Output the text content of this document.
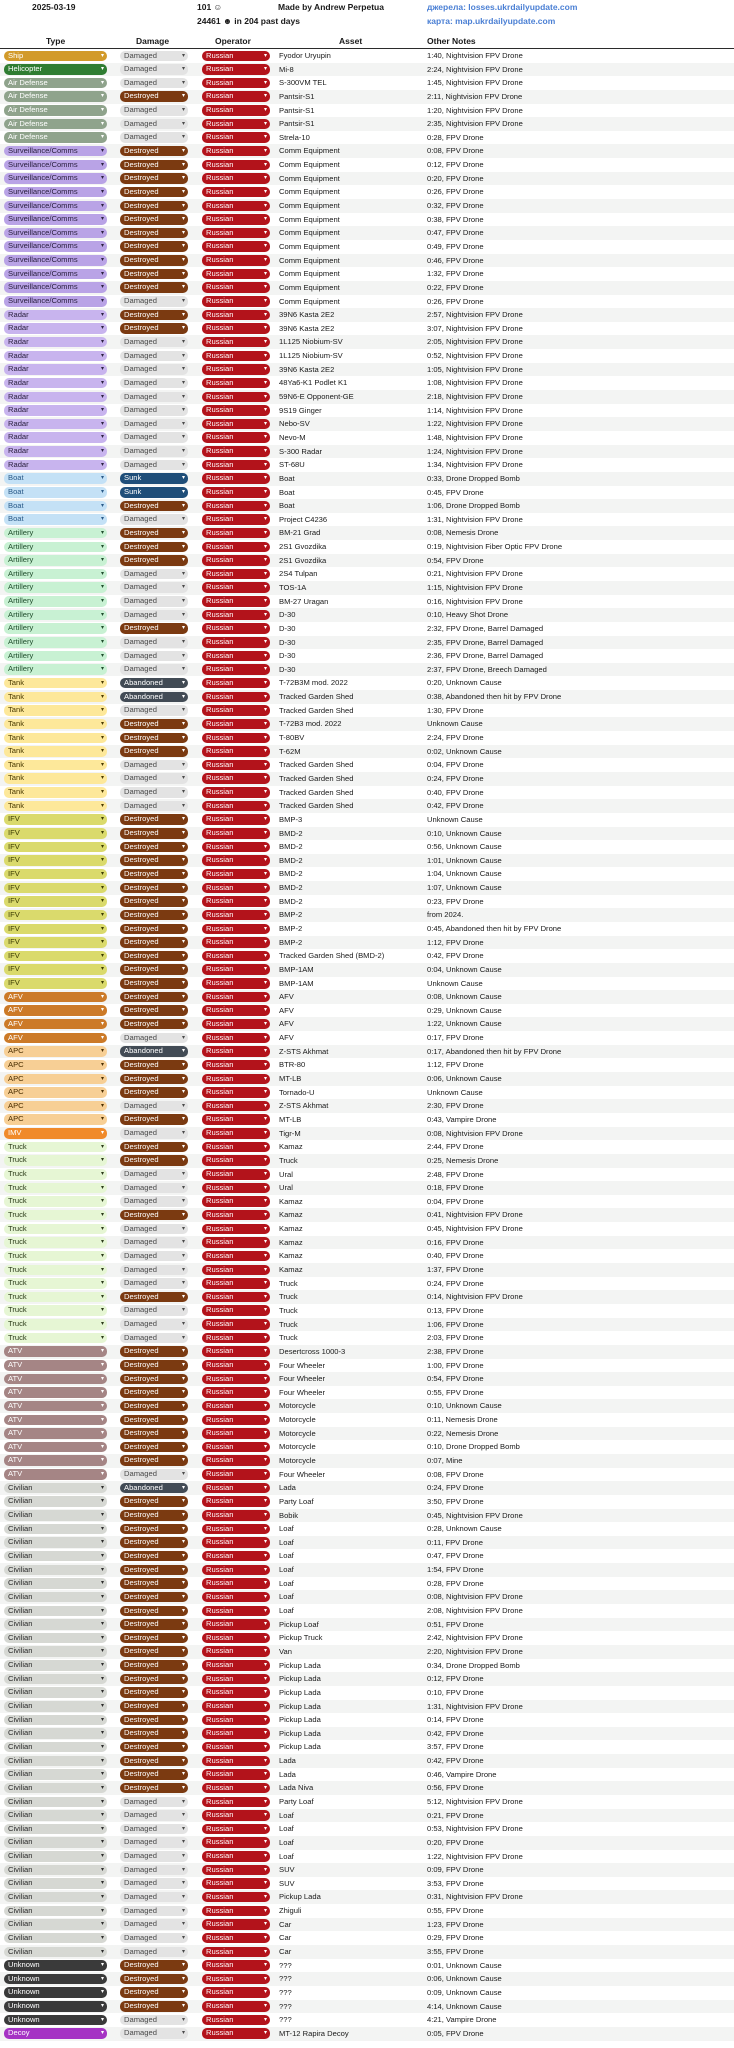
2025-03-19	101 ☺
24461 ☻ in 204 past days
Made by Andrew Perpetua	джерела: losses.ukrdailyupdate.com
карта: map.ukrdailyupdate.com
Type	Damage	Operator	Asset	Other Notes
Ship	▾	Damaged	▾	Russian	▾ Fyodor Uryupin	1:40, Nightvision FPV Drone
Helicopter	▾	Damaged	▾	Russian	▾ Mi-8	2:24, Nightvision FPV Drone
Air Defense	▾	Damaged	▾	Russian	▾ S-300VM TEL	1:45, Nightvision FPV Drone
Air Defense	▾	Destroyed	▾	Russian	▾ Pantsir-S1	2:11, Nightvision FPV Drone
Air Defense	▾	Damaged	▾	Russian	▾ Pantsir-S1	1:20, Nightvision FPV Drone
Air Defense	▾	Damaged	▾	Russian	▾ Pantsir-S1	2:35, Nightvision FPV Drone
Air Defense	▾	Damaged	▾	Russian	▾ Strela-10	0:28, FPV Drone
Surveillance/Comms	▾	Destroyed	▾	Russian	▾ Comm Equipment	0:08, FPV Drone
Surveillance/Comms	▾	Destroyed	▾	Russian	▾ Comm Equipment	0:12, FPV Drone
Surveillance/Comms	▾	Destroyed	▾	Russian	▾ Comm Equipment	0:20, FPV Drone
Surveillance/Comms	▾	Destroyed	▾	Russian	▾ Comm Equipment	0:26, FPV Drone
Surveillance/Comms	▾	Destroyed	▾	Russian	▾ Comm Equipment	0:32, FPV Drone
Surveillance/Comms	▾	Destroyed	▾	Russian	▾ Comm Equipment	0:38, FPV Drone
Surveillance/Comms	▾	Destroyed	▾	Russian	▾ Comm Equipment	0:47, FPV Drone
Surveillance/Comms	▾	Destroyed	▾	Russian	▾ Comm Equipment	0:49, FPV Drone
Surveillance/Comms	▾	Destroyed	▾	Russian	▾ Comm Equipment	0:46, FPV Drone
Surveillance/Comms	▾	Destroyed	▾	Russian	▾ Comm Equipment	1:32, FPV Drone
Surveillance/Comms	▾	Destroyed	▾	Russian	▾ Comm Equipment	0:22, FPV Drone
Surveillance/Comms	▾	Damaged	▾	Russian	▾ Comm Equipment	0:26, FPV Drone
Radar	▾	Destroyed	▾	Russian	▾ 39N6 Kasta 2E2	2:57, Nightvision FPV Drone
Radar	▾	Destroyed	▾	Russian	▾ 39N6 Kasta 2E2	3:07, Nightvision FPV Drone
Radar	▾	Damaged	▾	Russian	▾ 1L125 Niobium-SV	2:05, Nightvision FPV Drone
Radar	▾	Damaged	▾	Russian	▾ 1L125 Niobium-SV	0:52, Nightvision FPV Drone
Radar	▾	Damaged	▾	Russian	▾ 39N6 Kasta 2E2	1:05, Nightvision FPV Drone
Radar	▾	Damaged	▾	Russian	▾ 48Ya6-K1 Podlet K1	1:08, Nightvision FPV Drone
Radar	▾	Damaged	▾	Russian	▾ 59N6-E Opponent-GE	2:18, Nightvision FPV Drone
Radar	▾	Damaged	▾	Russian	▾ 9S19 Ginger	1:14, Nightvision FPV Drone
Radar	▾	Damaged	▾	Russian	▾ Nebo-SV	1:22, Nightvision FPV Drone
Radar	▾	Damaged	▾	Russian	▾ Nevo-M	1:48, Nightvision FPV Drone
Radar	▾	Damaged	▾	Russian	▾ S-300 Radar	1:24, Nightvision FPV Drone
Radar	▾	Damaged	▾	Russian	▾ ST-68U	1:34, Nightvision FPV Drone
Boat	▾	Sunk	▾	Russian	▾ Boat	0:33, Drone Dropped Bomb
Boat	▾	Sunk	▾	Russian	▾ Boat	0:45, FPV Drone
Boat	▾	Destroyed	▾	Russian	▾ Boat	1:06, Drone Dropped Bomb
Boat	▾	Damaged	▾	Russian	▾ Project C4236	1:31, Nightvision FPV Drone
Artillery	▾	Destroyed	▾	Russian	▾ BM-21 Grad	0:08, Nemesis Drone
Artillery	▾	Destroyed	▾	Russian	▾ 2S1 Gvozdika	0:19, Nightvision Fiber Optic FPV Drone
Artillery	▾	Destroyed	▾	Russian	▾ 2S1 Gvozdika	0:54, FPV Drone
Artillery	▾	Damaged	▾	Russian	▾ 2S4 Tulpan	0:21, Nightvision FPV Drone
Artillery	▾	Damaged	▾	Russian	▾ TOS-1A	1:15, Nightvision FPV Drone
Artillery	▾	Damaged	▾	Russian	▾ BM-27 Uragan	0:16, Nightvision FPV Drone
Artillery	▾	Damaged	▾	Russian	▾ D-30	0:10, Heavy Shot Drone
Artillery	▾	Destroyed	▾	Russian	▾ D-30	2:32, FPV Drone, Barrel Damaged
Artillery	▾	Damaged	▾	Russian	▾ D-30	2:35, FPV Drone, Barrel Damaged
Artillery	▾	Damaged	▾	Russian	▾ D-30	2:36, FPV Drone, Barrel Damaged
Artillery	▾	Damaged	▾	Russian	▾ D-30	2:37, FPV Drone, Breech Damaged
Tank	▾	Abandoned	▾	Russian	▾ T-72B3M mod. 2022	0:20, Unknown Cause
Tank	▾	Abandoned	▾	Russian	▾ Tracked Garden Shed	0:38, Abandoned then hit by FPV Drone
Tank	▾	Damaged	▾	Russian	▾ Tracked Garden Shed	1:30, FPV Drone
Tank	▾	Destroyed	▾	Russian	▾ T-72B3 mod. 2022	Unknown Cause
Tank	▾	Destroyed	▾	Russian	▾ T-80BV	2:24, FPV Drone
Tank	▾	Destroyed	▾	Russian	▾ T-62M	0:02, Unknown Cause
Tank	▾	Damaged	▾	Russian	▾ Tracked Garden Shed	0:04, FPV Drone
Tank	▾	Damaged	▾	Russian	▾ Tracked Garden Shed	0:24, FPV Drone
Tank	▾	Damaged	▾	Russian	▾ Tracked Garden Shed	0:40, FPV Drone
Tank	▾	Damaged	▾	Russian	▾ Tracked Garden Shed	0:42, FPV Drone
IFV	▾	Destroyed	▾	Russian	▾ BMP-3	Unknown Cause
IFV	▾	Destroyed	▾	Russian	▾ BMD-2	0:10, Unknown Cause
IFV	▾	Destroyed	▾	Russian	▾ BMD-2	0:56, Unknown Cause
IFV	▾	Destroyed	▾	Russian	▾ BMD-2	1:01, Unknown Cause
IFV	▾	Destroyed	▾	Russian	▾ BMD-2	1:04, Unknown Cause
IFV	▾	Destroyed	▾	Russian	▾ BMD-2	1:07, Unknown Cause
IFV	▾	Destroyed	▾	Russian	▾ BMD-2	0:23, FPV Drone
IFV	▾	Destroyed	▾	Russian	▾ BMP-2	from 2024.
IFV	▾	Destroyed	▾	Russian	▾ BMP-2	0:45, Abandoned then hit by FPV Drone
IFV	▾	Destroyed	▾	Russian	▾ BMP-2	1:12, FPV Drone
IFV	▾	Destroyed	▾	Russian	▾ Tracked Garden Shed (BMD-2)	0:42, FPV Drone
IFV	▾	Destroyed	▾	Russian	▾ BMP-1AM	0:04, Unknown Cause
IFV	▾	Destroyed	▾	Russian	▾ BMP-1AM	Unknown Cause
AFV	▾	Destroyed	▾	Russian	▾ AFV	0:08, Unknown Cause
AFV	▾	Destroyed	▾	Russian	▾ AFV	0:29, Unknown Cause
AFV	▾	Destroyed	▾	Russian	▾ AFV	1:22, Unknown Cause
AFV	▾	Damaged	▾	Russian	▾ AFV	0:17, FPV Drone
APC	▾	Abandoned	▾	Russian	▾ Z-STS Akhmat	0:17, Abandoned then hit by FPV Drone
APC	▾	Destroyed	▾	Russian	▾ BTR-80	1:12, FPV Drone
APC	▾	Destroyed	▾	Russian	▾ MT-LB	0:06, Unknown Cause
APC	▾	Destroyed	▾	Russian	▾ Tornado-U	Unknown Cause
APC	▾	Damaged	▾	Russian	▾ Z-STS Akhmat	2:30, FPV Drone
APC	▾	Destroyed	▾	Russian	▾ MT-LB	0:43, Vampire Drone
IMV	▾	Damaged	▾	Russian	▾ Tigr-M	0:08, Nightvision FPV Drone
Truck	▾	Destroyed	▾	Russian	▾ Kamaz	2:44, FPV Drone
Truck	▾	Destroyed	▾	Russian	▾ Truck	0:25, Nemesis Drone
Truck	▾	Damaged	▾	Russian	▾ Ural	2:48, FPV Drone
Truck	▾	Damaged	▾	Russian	▾ Ural	0:18, FPV Drone
Truck	▾	Damaged	▾	Russian	▾ Kamaz	0:04, FPV Drone
Truck	▾	Destroyed	▾	Russian	▾ Kamaz	0:41, Nightvision FPV Drone
Truck	▾	Damaged	▾	Russian	▾ Kamaz	0:45, Nightvision FPV Drone
Truck	▾	Damaged	▾	Russian	▾ Kamaz	0:16, FPV Drone
Truck	▾	Damaged	▾	Russian	▾ Kamaz	0:40, FPV Drone
Truck	▾	Damaged	▾	Russian	▾ Kamaz	1:37, FPV Drone
Truck	▾	Damaged	▾	Russian	▾ Truck	0:24, FPV Drone
Truck	▾	Destroyed	▾	Russian	▾ Truck	0:14, Nightvision FPV Drone
Truck	▾	Damaged	▾	Russian	▾ Truck	0:13, FPV Drone
Truck	▾	Damaged	▾	Russian	▾ Truck	1:06, FPV Drone
Truck	▾	Damaged	▾	Russian	▾ Truck	2:03, FPV Drone
ATV	▾	Destroyed	▾	Russian	▾ Desertcross 1000-3	2:38, FPV Drone
ATV	▾	Destroyed	▾	Russian	▾ Four Wheeler	1:00, FPV Drone
ATV	▾	Destroyed	▾	Russian	▾ Four Wheeler	0:54, FPV Drone
ATV	▾	Destroyed	▾	Russian	▾ Four Wheeler	0:55, FPV Drone
ATV	▾	Destroyed	▾	Russian	▾ Motorcycle	0:10, Unknown Cause
ATV	▾	Destroyed	▾	Russian	▾ Motorcycle	0:11, Nemesis Drone
ATV	▾	Destroyed	▾	Russian	▾ Motorcycle	0:22, Nemesis Drone
ATV	▾	Destroyed	▾	Russian	▾ Motorcycle	0:10, Drone Dropped Bomb
ATV	▾	Destroyed	▾	Russian	▾ Motorcycle	0:07, Mine
ATV	▾	Damaged	▾	Russian	▾ Four Wheeler	0:08, FPV Drone
Civilian	▾	Abandoned	▾	Russian	▾ Lada	0:24, FPV Drone
Civilian	▾	Destroyed	▾	Russian	▾ Party Loaf	3:50, FPV Drone
Civilian	▾	Destroyed	▾	Russian	▾ Bobik	0:45, Nightvision FPV Drone
Civilian	▾	Destroyed	▾	Russian	▾ Loaf	0:28, Unknown Cause
Civilian	▾	Destroyed	▾	Russian	▾ Loaf	0:11, FPV Drone
Civilian	▾	Destroyed	▾	Russian	▾ Loaf	0:47, FPV Drone
Civilian	▾	Destroyed	▾	Russian	▾ Loaf	1:54, FPV Drone
Civilian	▾	Destroyed	▾	Russian	▾ Loaf	0:28, FPV Drone
Civilian	▾	Destroyed	▾	Russian	▾ Loaf	0:08, Nightvision FPV Drone
Civilian	▾	Destroyed	▾	Russian	▾ Loaf	2:08, Nightvision FPV Drone
Civilian	▾	Destroyed	▾	Russian	▾ Pickup Loaf	0:51, FPV Drone
Civilian	▾	Destroyed	▾	Russian	▾ Pickup Truck	2:42, Nightvision FPV Drone
Civilian	▾	Destroyed	▾	Russian	▾ Van	2:20, Nightvision FPV Drone
Civilian	▾	Destroyed	▾	Russian	▾ Pickup Lada	0:34, Drone Dropped Bomb
Civilian	▾	Destroyed	▾	Russian	▾ Pickup Lada	0:12, FPV Drone
Civilian	▾	Destroyed	▾	Russian	▾ Pickup Lada	0:10, FPV Drone
Civilian	▾	Destroyed	▾	Russian	▾ Pickup Lada	1:31, Nightvision FPV Drone
Civilian	▾	Destroyed	▾	Russian	▾ Pickup Lada	0:14, FPV Drone
Civilian	▾	Destroyed	▾	Russian	▾ Pickup Lada	0:42, FPV Drone
Civilian	▾	Destroyed	▾	Russian	▾ Pickup Lada	3:57, FPV Drone
Civilian	▾	Destroyed	▾	Russian	▾ Lada	0:42, FPV Drone
Civilian	▾	Destroyed	▾	Russian	▾ Lada	0:46, Vampire Drone
Civilian	▾	Destroyed	▾	Russian	▾ Lada Niva	0:56, FPV Drone
Civilian	▾	Damaged	▾	Russian	▾ Party Loaf	5:12, Nightvision FPV Drone
Civilian	▾	Damaged	▾	Russian	▾ Loaf	0:21, FPV Drone
Civilian	▾	Damaged	▾	Russian	▾ Loaf	0:53, Nightvision FPV Drone
Civilian	▾	Damaged	▾	Russian	▾ Loaf	0:20, FPV Drone
Civilian	▾	Damaged	▾	Russian	▾ Loaf	1:22, Nightvision FPV Drone
Civilian	▾	Damaged	▾	Russian	▾ SUV	0:09, FPV Drone
Civilian	▾	Damaged	▾	Russian	▾ SUV	3:53, FPV Drone
Civilian	▾	Damaged	▾	Russian	▾ Pickup Lada	0:31, Nightvision FPV Drone
Civilian	▾	Damaged	▾	Russian	▾ Zhiguli	0:55, FPV Drone
Civilian	▾	Damaged	▾	Russian	▾ Car	1:23, FPV Drone
Civilian	▾	Damaged	▾	Russian	▾ Car	0:29, FPV Drone
Civilian	▾	Damaged	▾	Russian	▾ Car	3:55, FPV Drone
Unknown	▾	Destroyed	▾	Russian	▾ ???	0:01, Unknown Cause
Unknown	▾	Destroyed	▾	Russian	▾ ???	0:06, Unknown Cause
Unknown	▾	Destroyed	▾	Russian	▾ ???	0:09, Unknown Cause
Unknown	▾	Destroyed	▾	Russian	▾ ???	4:14, Unknown Cause
Unknown	▾	Damaged	▾	Russian	▾ ???	4:21, Vampire Drone
Decoy	▾	Damaged	▾	Russian	▾ MT-12 Rapira Decoy	0:05, FPV Drone
